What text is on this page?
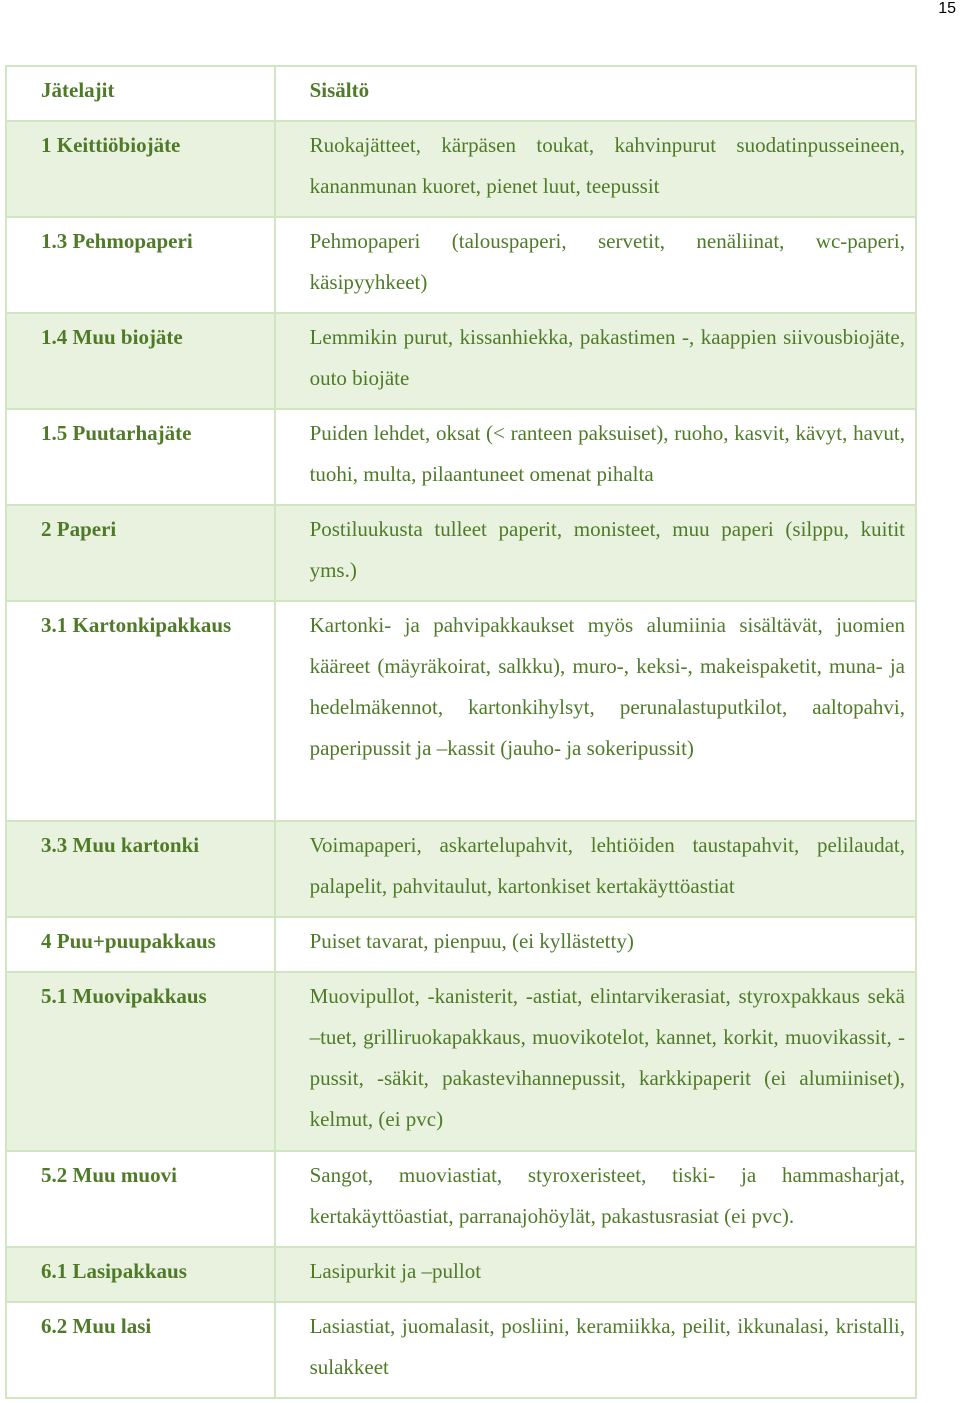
15
Jätelajit	Sisältö
1 Keittiöbiojäte	Ruokajätteet, kärpäsen toukat, kahvinpurut suodatinpusseineen, kananmunan kuoret, pienet luut, teepussit
1.3 Pehmopaperi	Pehmopaperi (talouspaperi, servetit, nenäliinat, wc-paperi, käsipyyhkeet)
1.4 Muu biojäte	Lemmikin purut, kissanhiekka, pakastimen -, kaappien siivousbiojäte, outo biojäte
1.5 Puutarhajäte	Puiden lehdet, oksat (< ranteen paksuiset), ruoho, kasvit, kävyt, havut, tuohi, multa, pilaantuneet omenat pihalta
2 Paperi	Postiluukusta tulleet paperit, monisteet, muu paperi (silppu, kuitit yms.)
3.1 Kartonkipakkaus	Kartonki- ja pahvipakkaukset myös alumiinia sisältävät, juomien kääreet (mäyräkoirat, salkku), muro-, keksi-, makeispaketit, muna- ja hedelmäkennot, kartonkihylsyt, perunalastuputkilot, aaltopahvi, paperipussit ja –kassit (jauho- ja sokeripussit)
3.3 Muu kartonki	Voimapaperi, askartelupahvit, lehtiöiden taustapahvit, pelilaudat, palapelit, pahvitaulut, kartonkiset kertakäyttöastiat
4 Puu+puupakkaus	Puiset tavarat, pienpuu, (ei kyllästetty)
5.1 Muovipakkaus	Muovipullot, -kanisterit, -astiat, elintarvikerasiat, styroxpakkaus sekä –tuet, grilliruokapakkaus, muovikotelot, kannet, korkit, muovikassit, -pussit, -säkit, pakastevihannepussit, karkkipaperit (ei alumiiniset), kelmut, (ei pvc)
5.2 Muu muovi	Sangot, muoviastiat, styroxeristeet, tiski- ja hammasharjat, kertakäyttöastiat, parranajohöylät, pakastusrasiat (ei pvc).
6.1 Lasipakkaus	Lasipurkit ja –pullot
6.2 Muu lasi	Lasiastiat, juomalasit, posliini, keramiikka, peilit, ikkunalasi, kristalli, sulakkeet
